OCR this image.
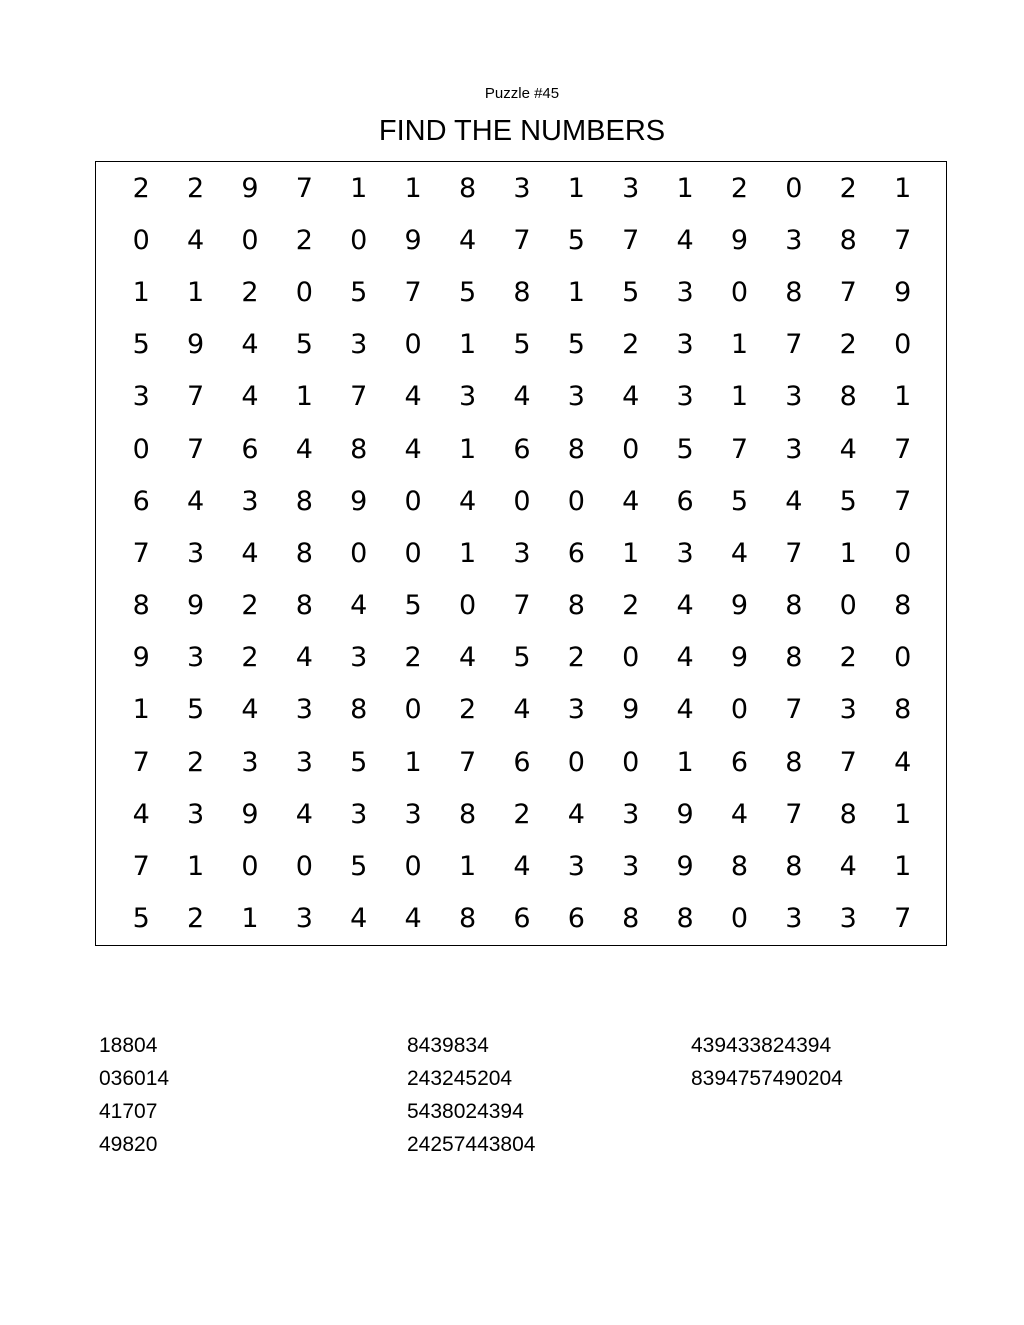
Puzzle #45
FIND THE NUMBERS
2	2	9	7	1	1	8	3	1	3	1	2	0	2	1
0	4	0	2	0	9	4	7	5	7	4	9	3	8	7
1	1	2	0	5	7	5	8	1	5	3	0	8	7	9
5	9	4	5	3	0	1	5	5	2	3	1	7	2	0
3	7	4	1	7	4	3	4	3	4	3	1	3	8	1
0	7	6	4	8	4	1	6	8	0	5	7	3	4	7
6	4	3	8	9	0	4	0	0	4	6	5	4	5	7
7	3	4	8	0	0	1	3	6	1	3	4	7	1	0
8	9	2	8	4	5	0	7	8	2	4	9	8	0	8
9	3	2	4	3	2	4	5	2	0	4	9	8	2	0
1	5	4	3	8	0	2	4	3	9	4	0	7	3	8
7	2	3	3	5	1	7	6	0	0	1	6	8	7	4
4	3	9	4	3	3	8	2	4	3	9	4	7	8	1
7	1	0	0	5	0	1	4	3	3	9	8	8	4	1
5	2	1	3	4	4	8	6	6	8	8	0	3	3	7
18804
036014
41707
49820
8439834
243245204
5438024394
24257443804
439433824394
8394757490204
